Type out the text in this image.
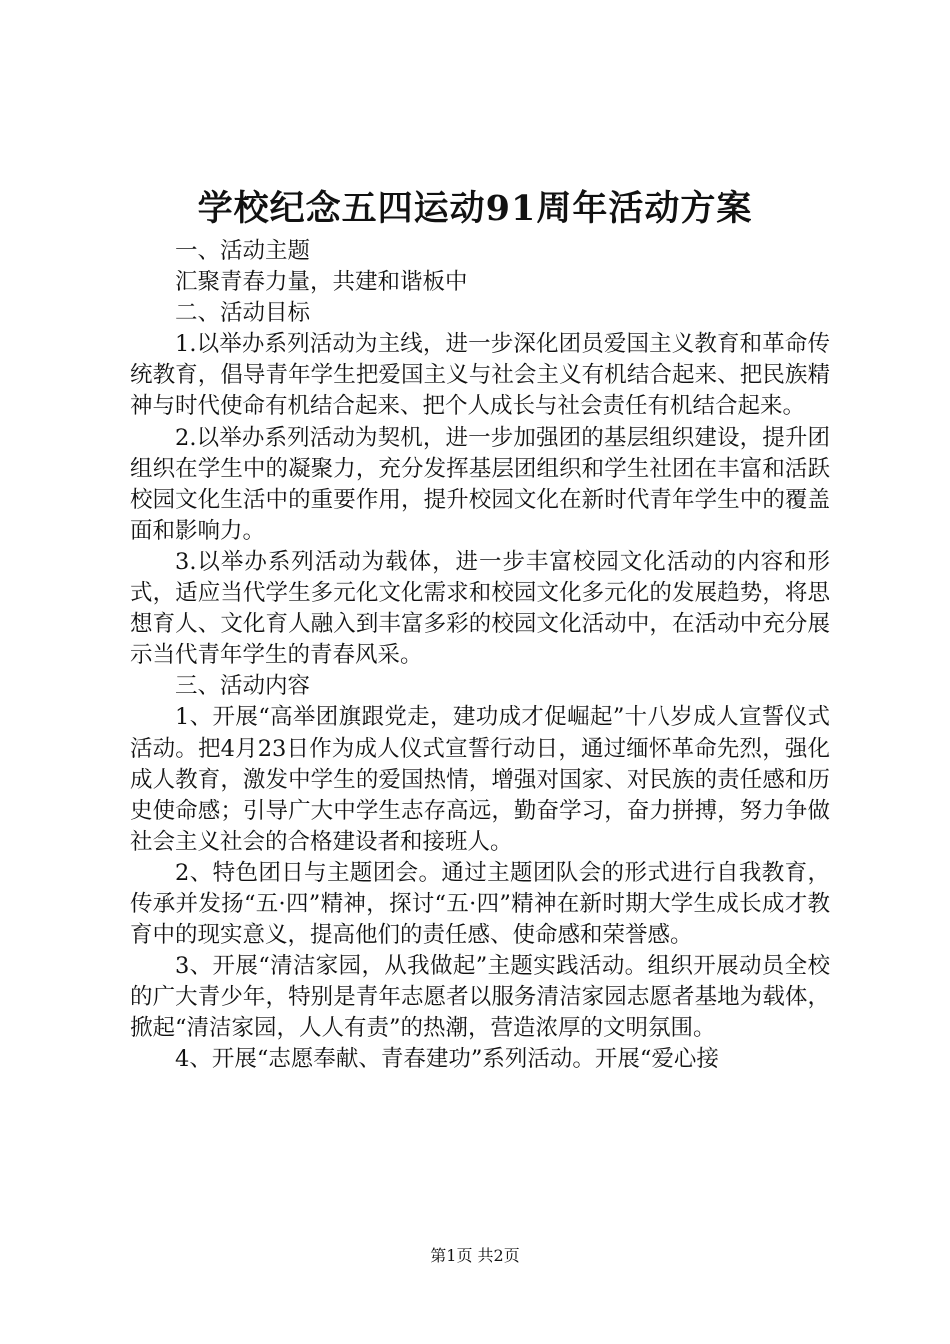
学校纪念五四运动91周年活动方案

一、活动主题

汇聚青春力量，共建和谐板中

二、活动目标

1.以举办系列活动为主线，进一步深化团员爱国主义教育和革命传统教育，倡导青年学生把爱国主义与社会主义有机结合起来、把民族精神与时代使命有机结合起来、把个人成长与社会责任有机结合起来。

2.以举办系列活动为契机，进一步加强团的基层组织建设，提升团组织在学生中的凝聚力，充分发挥基层团组织和学生社团在丰富和活跃校园文化生活中的重要作用，提升校园文化在新时代青年学生中的覆盖面和影响力。

3.以举办系列活动为载体，进一步丰富校园文化活动的内容和形式，适应当代学生多元化文化需求和校园文化多元化的发展趋势，将思想育人、文化育人融入到丰富多彩的校园文化活动中，在活动中充分展示当代青年学生的青春风采。

三、活动内容

1、开展“高举团旗跟党走，建功成才促崛起”十八岁成人宣誓仪式活动。把4月23日作为成人仪式宣誓行动日，通过缅怀革命先烈，强化成人教育，激发中学生的爱国热情，增强对国家、对民族的责任感和历史使命感；引导广大中学生志存高远，勤奋学习，奋力拼搏，努力争做社会主义社会的合格建设者和接班人。

2、特色团日与主题团会。通过主题团队会的形式进行自我教育，传承并发扬“五·四”精神，探讨“五·四”精神在新时期大学生成长成才教育中的现实意义，提高他们的责任感、使命感和荣誉感。

3、开展“清洁家园，从我做起”主题实践活动。组织开展动员全校的广大青少年，特别是青年志愿者以服务清洁家园志愿者基地为载体，掀起“清洁家园，人人有责”的热潮，营造浓厚的文明氛围。

4、开展“志愿奉献、青春建功”系列活动。开展“爱心接

第1页 共2页
